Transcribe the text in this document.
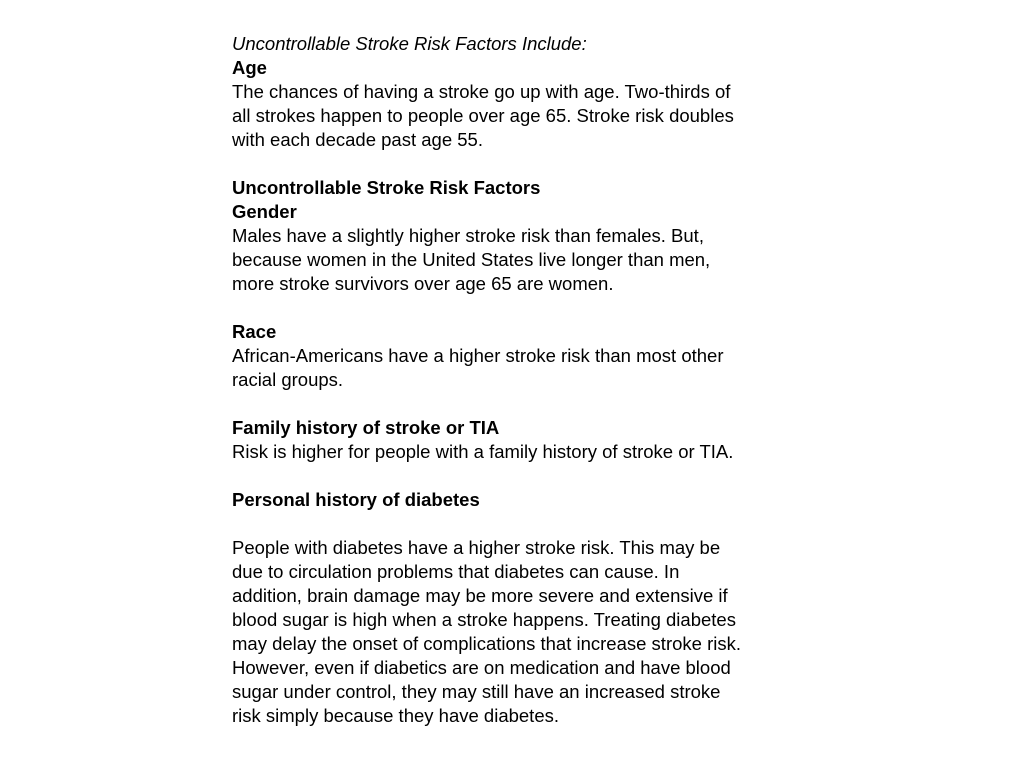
Uncontrollable Stroke Risk Factors Include:
Age
The chances of having a stroke go up with age. Two-thirds of
all strokes happen to people over age 65. Stroke risk doubles
with each decade past age 55.
Uncontrollable Stroke Risk Factors
Gender
Males have a slightly higher stroke risk than females. But,
because women in the United States live longer than men,
more stroke survivors over age 65 are women.
Race
African-Americans have a higher stroke risk than most other
racial groups.
Family history of stroke or TIA
Risk is higher for people with a family history of stroke or TIA.
Personal history of diabetes
People with diabetes have a higher stroke risk. This may be
due to circulation problems that diabetes can cause. In
addition, brain damage may be more severe and extensive if
blood sugar is high when a stroke happens. Treating diabetes
may delay the onset of complications that increase stroke risk.
However, even if diabetics are on medication and have blood
sugar under control, they may still have an increased stroke
risk simply because they have diabetes.
